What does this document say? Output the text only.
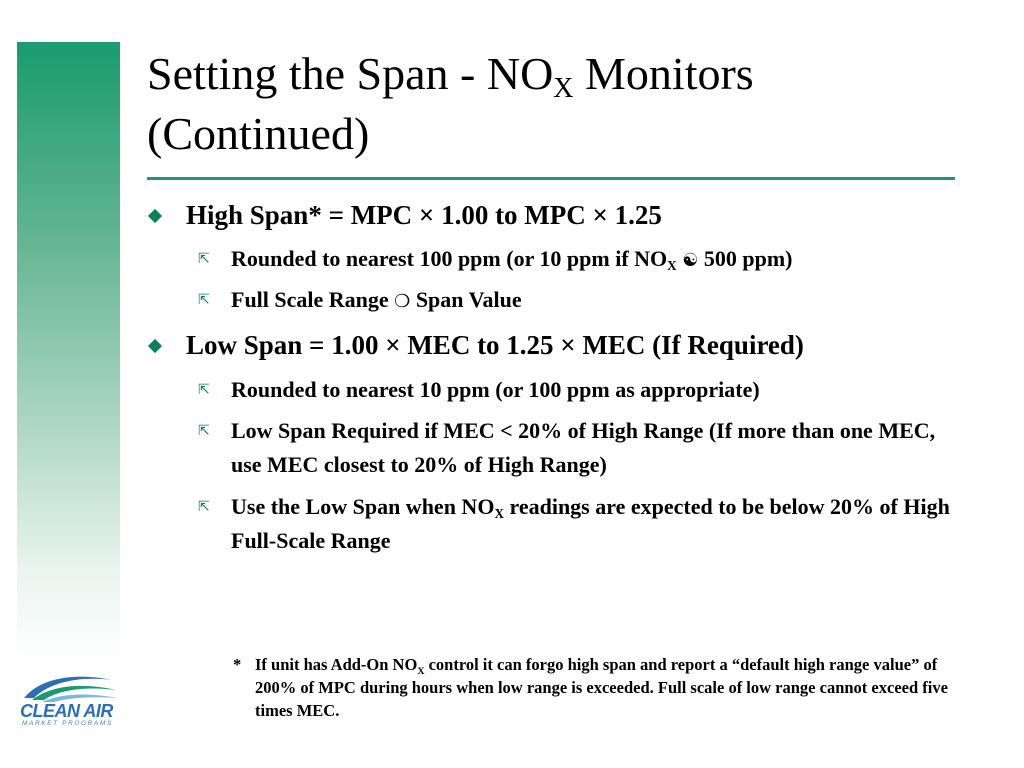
Setting the Span - $NO_X$ Monitors
(Continued)
High Span* = MPC × 1.00 to MPC × 1.25
⇱ Rounded to nearest 100 ppm (or 10 ppm if $NO_X$ ☯ 500 ppm)
⇱ Full Scale Range ❍ Span Value
Low Span = 1.00 × MEC to 1.25 × MEC (If Required)
⇱ Rounded to nearest 10 ppm (or 100 ppm as appropriate)
⇱ Low Span Required if MEC < 20% of High Range (If more than one MEC, use MEC closest to 20% of High Range)
⇱ Use the Low Span when $NO_X$ readings are expected to be below 20% of High Full-Scale Range
* If unit has Add-On $NO_X$ control it can forgo high span and report a “default high range value” of 200% of MPC during hours when low range is exceeded. Full scale of low range cannot exceed five times MEC.
CLEAN AIR
MARKET PROGRAMS
